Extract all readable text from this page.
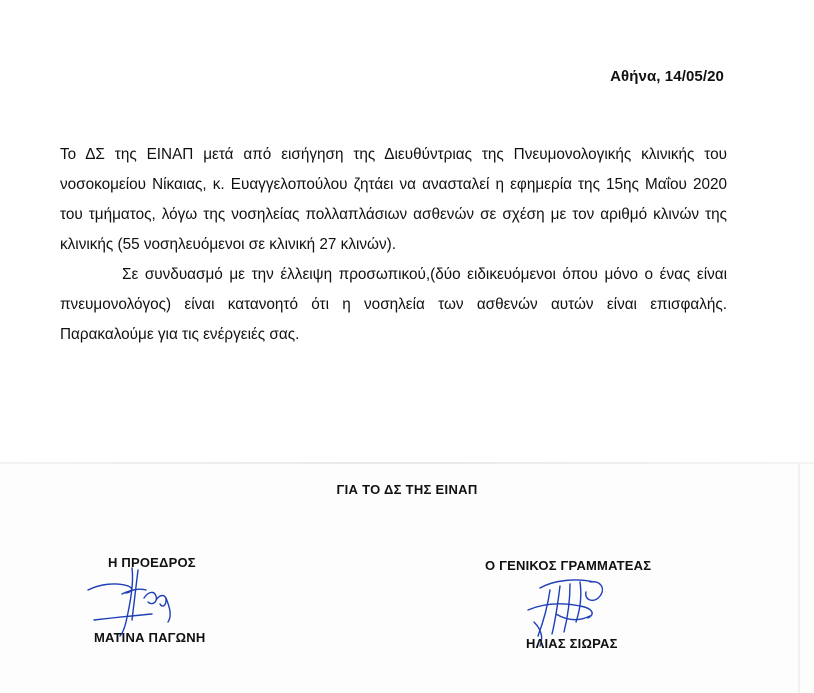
Αθήνα, 14/05/20

Το ΔΣ της ΕΙΝΑΠ μετά από εισήγηση της Διευθύντριας της Πνευμονολογικής κλινικής του νοσοκομείου Νίκαιας, κ. Ευαγγελοπούλου ζητάει να ανασταλεί η εφημερία της 15ης Μαΐου 2020 του τμήματος, λόγω της νοσηλείας πολλαπλάσιων ασθενών σε σχέση με τον αριθμό κλινών της κλινικής (55 νοσηλευόμενοι σε κλινική 27 κλινών).

Σε συνδυασμό με την έλλειψη προσωπικού,(δύο ειδικευόμενοι όπου μόνο ο ένας είναι πνευμονολόγος) είναι κατανοητό ότι η νοσηλεία των ασθενών αυτών είναι επισφαλής. Παρακαλούμε για τις ενέργειές σας.

ΓΙΑ ΤΟ ΔΣ ΤΗΣ ΕΙΝΑΠ
Η ΠΡΟΕΔΡΟΣ	Ο ΓΕΝΙΚΟΣ ΓΡΑΜΜΑΤΕΑΣ
ΜΑΤΙΝΑ ΠΑΓΩΝΗ	ΗΛΙΑΣ ΣΙΩΡΑΣ
